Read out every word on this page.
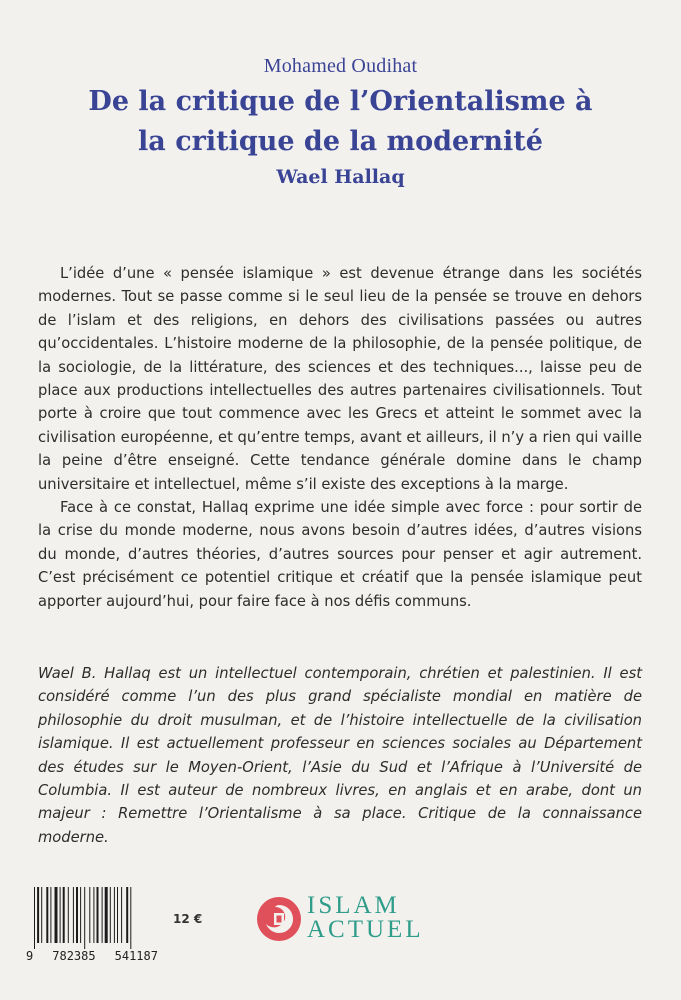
Mohamed Oudihat
De la critique de l’Orientalisme à
la critique de la modernité
Wael Hallaq

L’idée d’une « pensée islamique » est devenue étrange dans les sociétés modernes. Tout se passe comme si le seul lieu de la pensée se trouve en dehors de l’islam et des religions, en dehors des civilisations passées ou autres qu’occidentales. L’histoire moderne de la philosophie, de la pensée politique, de la sociologie, de la littérature, des sciences et des techniques..., laisse peu de place aux productions intellectuelles des autres partenaires civilisationnels. Tout porte à croire que tout commence avec les Grecs et atteint le sommet avec la civilisation européenne, et qu’entre temps, avant et ailleurs, il n’y a rien qui vaille la peine d’être enseigné. Cette tendance générale domine dans le champ universitaire et intellectuel, même s’il existe des exceptions à la marge.

Face à ce constat, Hallaq exprime une idée simple avec force : pour sortir de la crise du monde moderne, nous avons besoin d’autres idées, d’autres visions du monde, d’autres théories, d’autres sources pour penser et agir autrement. C’est précisément ce potentiel critique et créatif que la pensée islamique peut apporter aujourd’hui, pour faire face à nos défis communs.

Wael B. Hallaq est un intellectuel contemporain, chrétien et palestinien. Il est considéré comme l’un des plus grand spécialiste mondial en matière de philosophie du droit musulman, et de l’histoire intellectuelle de la civilisation islamique. Il est actuellement professeur en sciences sociales au Département des études sur le Moyen-Orient, l’Asie du Sud et l’Afrique à l’Université de Columbia. Il est auteur de nombreux livres, en anglais et en arabe, dont un majeur : Remettre l’Orientalisme à sa place. Critique de la connaissance moderne.

9 782385 541187
12 €	ISLAM
ACTUEL
